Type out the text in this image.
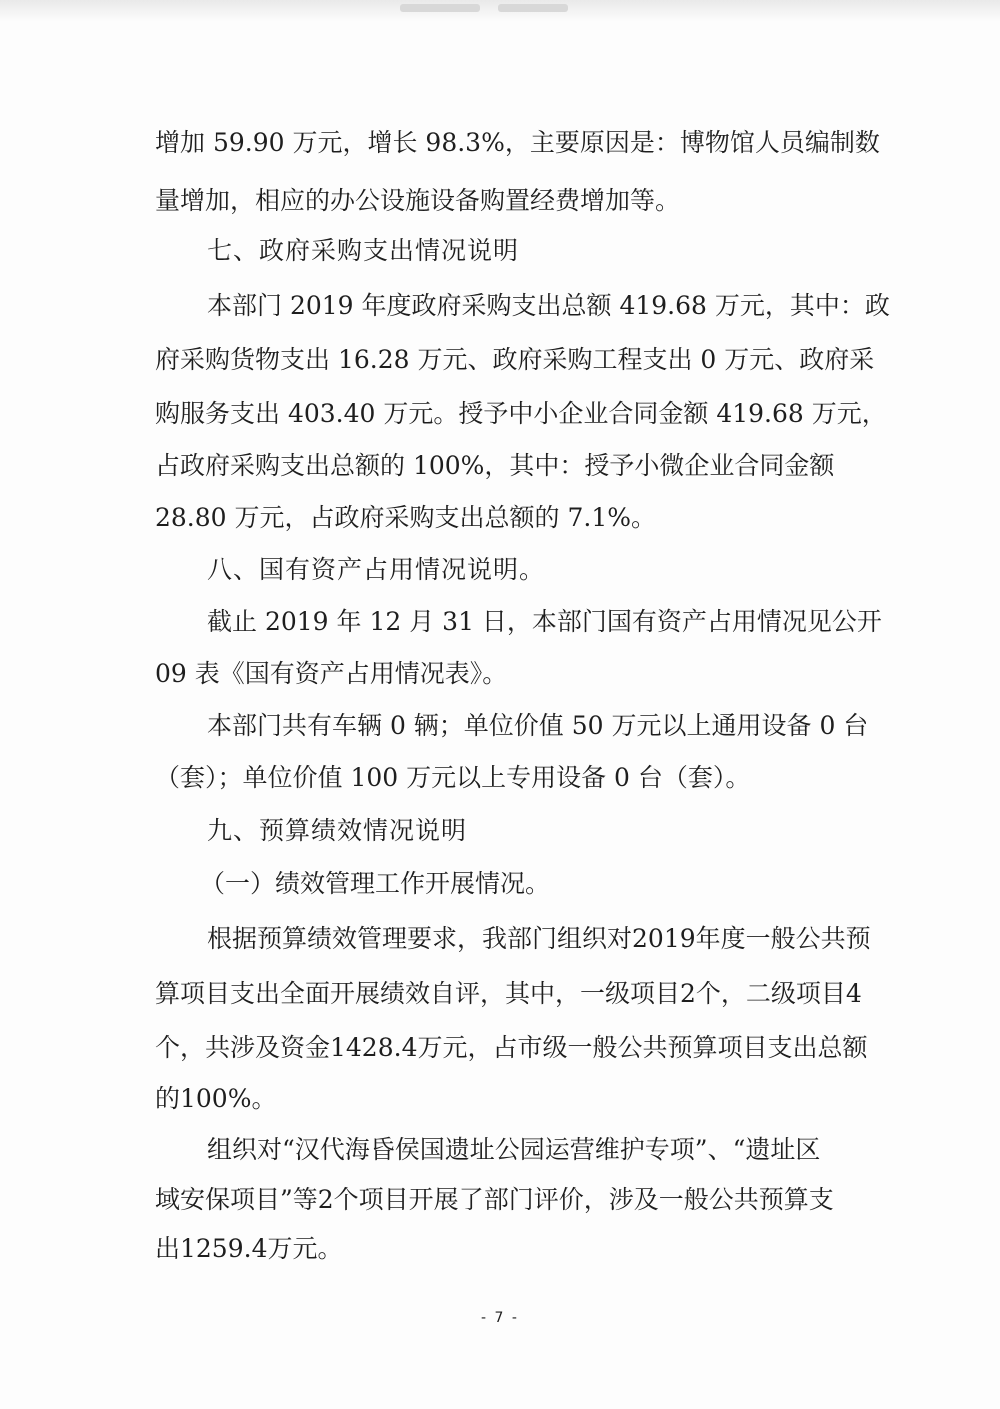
增加 59.90 万元，增长 98.3%，主要原因是：博物馆人员编制数
量增加，相应的办公设施设备购置经费增加等。
七、政府采购支出情况说明
本部门 2019 年度政府采购支出总额 419.68 万元，其中：政
府采购货物支出 16.28 万元、政府采购工程支出 0 万元、政府采
购服务支出 403.40 万元。授予中小企业合同金额 419.68 万元，
占政府采购支出总额的 100%，其中：授予小微企业合同金额
28.80 万元，占政府采购支出总额的 7.1%。
八、国有资产占用情况说明。
截止 2019 年 12 月 31 日，本部门国有资产占用情况见公开
09 表《国有资产占用情况表》。
本部门共有车辆 0 辆；单位价值 50 万元以上通用设备 0 台
（套）；单位价值 100 万元以上专用设备 0 台（套）。
九、预算绩效情况说明
（一）绩效管理工作开展情况。
根据预算绩效管理要求，我部门组织对2019年度一般公共预
算项目支出全面开展绩效自评，其中，一级项目2个，二级项目4
个，共涉及资金1428.4万元，占市级一般公共预算项目支出总额
的100%。
组织对“汉代海昏侯国遗址公园运营维护专项”、“遗址区
域安保项目”等2个项目开展了部门评价，涉及一般公共预算支
出1259.4万元。
- 7 -
